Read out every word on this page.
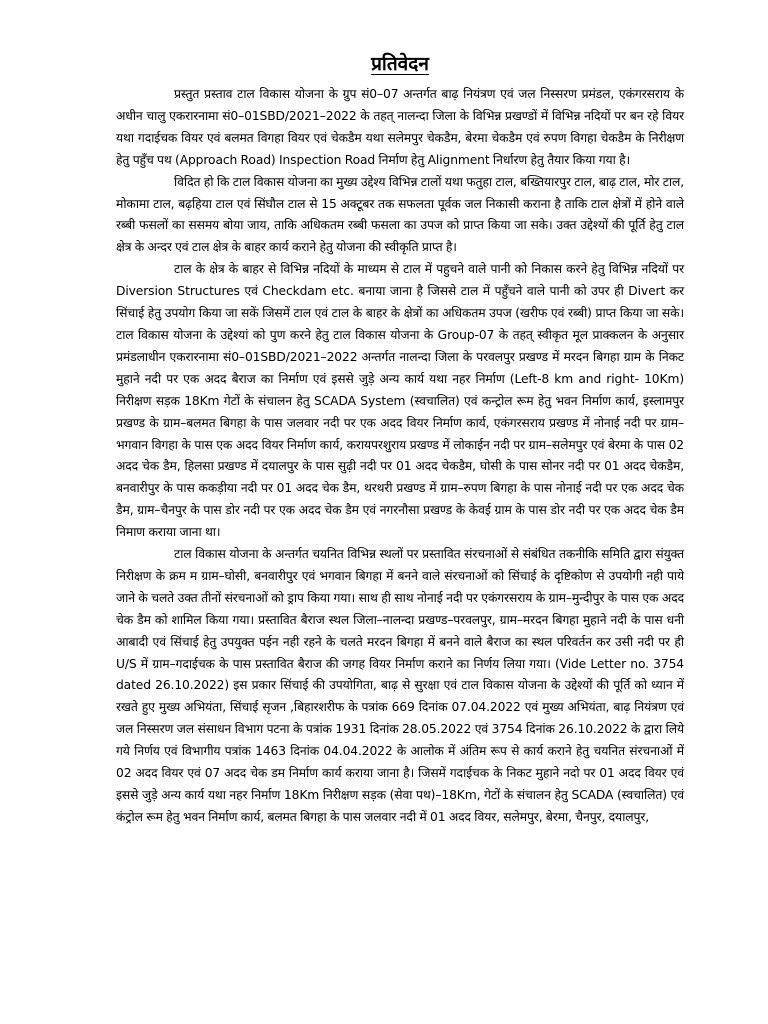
प्रतिवेदन

प्रस्तुत प्रस्ताव टाल विकास योजना के ग्रुप सं0–07 अन्तर्गत बाढ़ नियंत्रण एवं जल निस्सरण प्रमंडल, एकंगरसराय के अधीन चालु एकरारनामा सं0–01SBD/2021–2022 के तहत् नालन्दा जिला के विभिन्न प्रखण्डों में विभिन्न नदियों पर बन रहे वियर यथा गदाईचक वियर एवं बलमत विगहा वियर एवं चेकडैम यथा सलेमपुर चेकडैम, बेरमा चेकडैम एवं रुपण विगहा चेकडैम के निरीक्षण हेतु पहुँच पथ (Approach Road) Inspection Road निर्माण हेतु Alignment निर्धारण हेतु तैयार किया गया है।

विदित हो कि टाल विकास योजना का मुख्य उद्देश्य विभिन्न टालों यथा फतुहा टाल, बख्तियारपुर टाल, बाढ़ टाल, मोर टाल, मोकामा टाल, बढ़हिया टाल एवं सिंघौल टाल से 15 अक्टूबर तक सफलता पूर्वक जल निकासी कराना है ताकि टाल क्षेत्रों में होने वाले रब्बी फसलों का ससमय बोया जाय, ताकि अधिकतम रब्बी फसला का उपज को प्राप्त किया जा सके। उक्त उद्देश्यों की पूर्ति हेतु टाल क्षेत्र के अन्दर एवं टाल क्षेत्र के बाहर कार्य कराने हेतु योजना की स्वीकृति प्राप्त है।

टाल के क्षेत्र के बाहर से विभिन्न नदियों के माध्यम से टाल में पहुचने वाले पानी को निकास करने हेतु विभिन्न नदियों पर Diversion Structures एवं Checkdam etc. बनाया जाना है जिससे टाल में पहुँचने वाले पानी को उपर ही Divert कर सिंचाई हेतु उपयोग किया जा सकें जिसमें टाल एवं टाल के बाहर के क्षेत्रों का अधिकतम उपज (खरीफ एवं रब्बी) प्राप्त किया जा सके। टाल विकास योजना के उद्देश्यां को पुण करने हेतु टाल विकास योजना के Group-07 के तहत् स्वीकृत मूल प्राक्कलन के अनुसार प्रमंडलाधीन एकरारनामा सं0–01SBD/2021–2022 अन्तर्गत नालन्दा जिला के परवलपुर प्रखण्ड में मरदन बिगहा ग्राम के निकट मुहाने नदी पर एक अदद बैराज का निर्माण एवं इससे जुड़े अन्य कार्य यथा नहर निर्माण (Left-8 km and right- 10Km) निरीक्षण सड़क 18Km गेटों के संचालन हेतु SCADA System (स्वचालित) एवं कन्ट्रोल रूम हेतु भवन निर्माण कार्य, इस्लामपुर प्रखण्ड के ग्राम–बलमत बिगहा के पास जलवार नदी पर एक अदद वियर निर्माण कार्य, एकंगरसराय प्रखण्ड में नोनाई नदी पर ग्राम–भगवान विगहा के पास एक अदद वियर निर्माण कार्य, करायपरशुराय प्रखण्ड में लोकाईन नदी पर ग्राम–सलेमपुर एवं बेरमा के पास 02 अदद चेक डैम, हिलसा प्रखण्ड में दयालपुर के पास सुढ़ी नदी पर 01 अदद चेकडैम, घोसी के पास सोनर नदी पर 01 अदद चेकडैम, बनवारीपुर के पास ककड़ीया नदी पर 01 अदद चेक डैम, थरथरी प्रखण्ड में ग्राम–रुपण बिगहा के पास नोनाई नदी पर एक अदद चेक डैम, ग्राम–चैनपुर के पास डोर नदी पर एक अदद चेक डैम एवं नगरनौसा प्रखण्ड के केवई ग्राम के पास डोर नदी पर एक अदद चेक डैम निमाण कराया जाना था।

टाल विकास योजना के अन्तर्गत चयनित विभिन्न स्थलों पर प्रस्तावित संरचनाओं से संबंधित तकनीकि समिति द्वारा संयुक्त निरीक्षण के क्रम म ग्राम–घोसी, बनवारीपुर एवं भगवान बिगहा में बनने वाले संरचनाओं को सिंचाई के दृष्टिकोण से उपयोगी नही पाये जाने के चलते उक्त तीनों संरचनाओं को ड्राप किया गया। साथ ही साथ नोनाई नदी पर एकंगरसराय के ग्राम–मुन्दीपुर के पास एक अदद चेक डैम को शामिल किया गया। प्रस्तावित बैराज स्थल जिला–नालन्दा प्रखण्ड–परवलपुर, ग्राम–मरदन बिगहा मुहाने नदी के पास धनी आबादी एवं सिंचाई हेतु उपयुक्त पईन नही रहने के चलते मरदन बिगहा में बनने वाले बैराज का स्थल परिवर्तन कर उसी नदी पर ही U/S में ग्राम–गदाईचक के पास प्रस्तावित बैराज की जगह वियर निर्माण कराने का निर्णय लिया गया। (Vide Letter no. 3754 dated 26.10.2022) इस प्रकार सिंचाई की उपयोगिता, बाढ़ से सुरक्षा एवं टाल विकास योजना के उद्देश्यों की पूर्ति को ध्यान में रखते हुए मुख्य अभियंता, सिंचाई सृजन ,बिहारशरीफ के पत्रांक 669 दिनांक 07.04.2022 एवं मुख्य अभियंता, बाढ़ नियंत्रण एवं जल निस्सरण जल संसाधन विभाग पटना के पत्रांक 1931 दिनांक 28.05.2022 एवं 3754 दिनांक 26.10.2022 के द्वारा लिये गये निर्णय एवं विभागीय पत्रांक 1463 दिनांक 04.04.2022 के आलोक में अंतिम रूप से कार्य कराने हेतु चयनित संरचनाओं में 02 अदद वियर एवं 07 अदद चेक डम निर्माण कार्य कराया जाना है। जिसमें गदाईचक के निकट मुहाने नदो पर 01 अदद वियर एवं इससे जुड़े अन्य कार्य यथा नहर निर्माण 18Km निरीक्षण सड़क (सेवा पथ)–18Km, गेटों के संचालन हेतु SCADA (स्वचालित) एवं कंट्रोल रूम हेतु भवन निर्माण कार्य, बलमत बिगहा के पास जलवार नदी में 01 अदद वियर, सलेमपुर, बेरमा, चैनपुर, दयालपुर,
